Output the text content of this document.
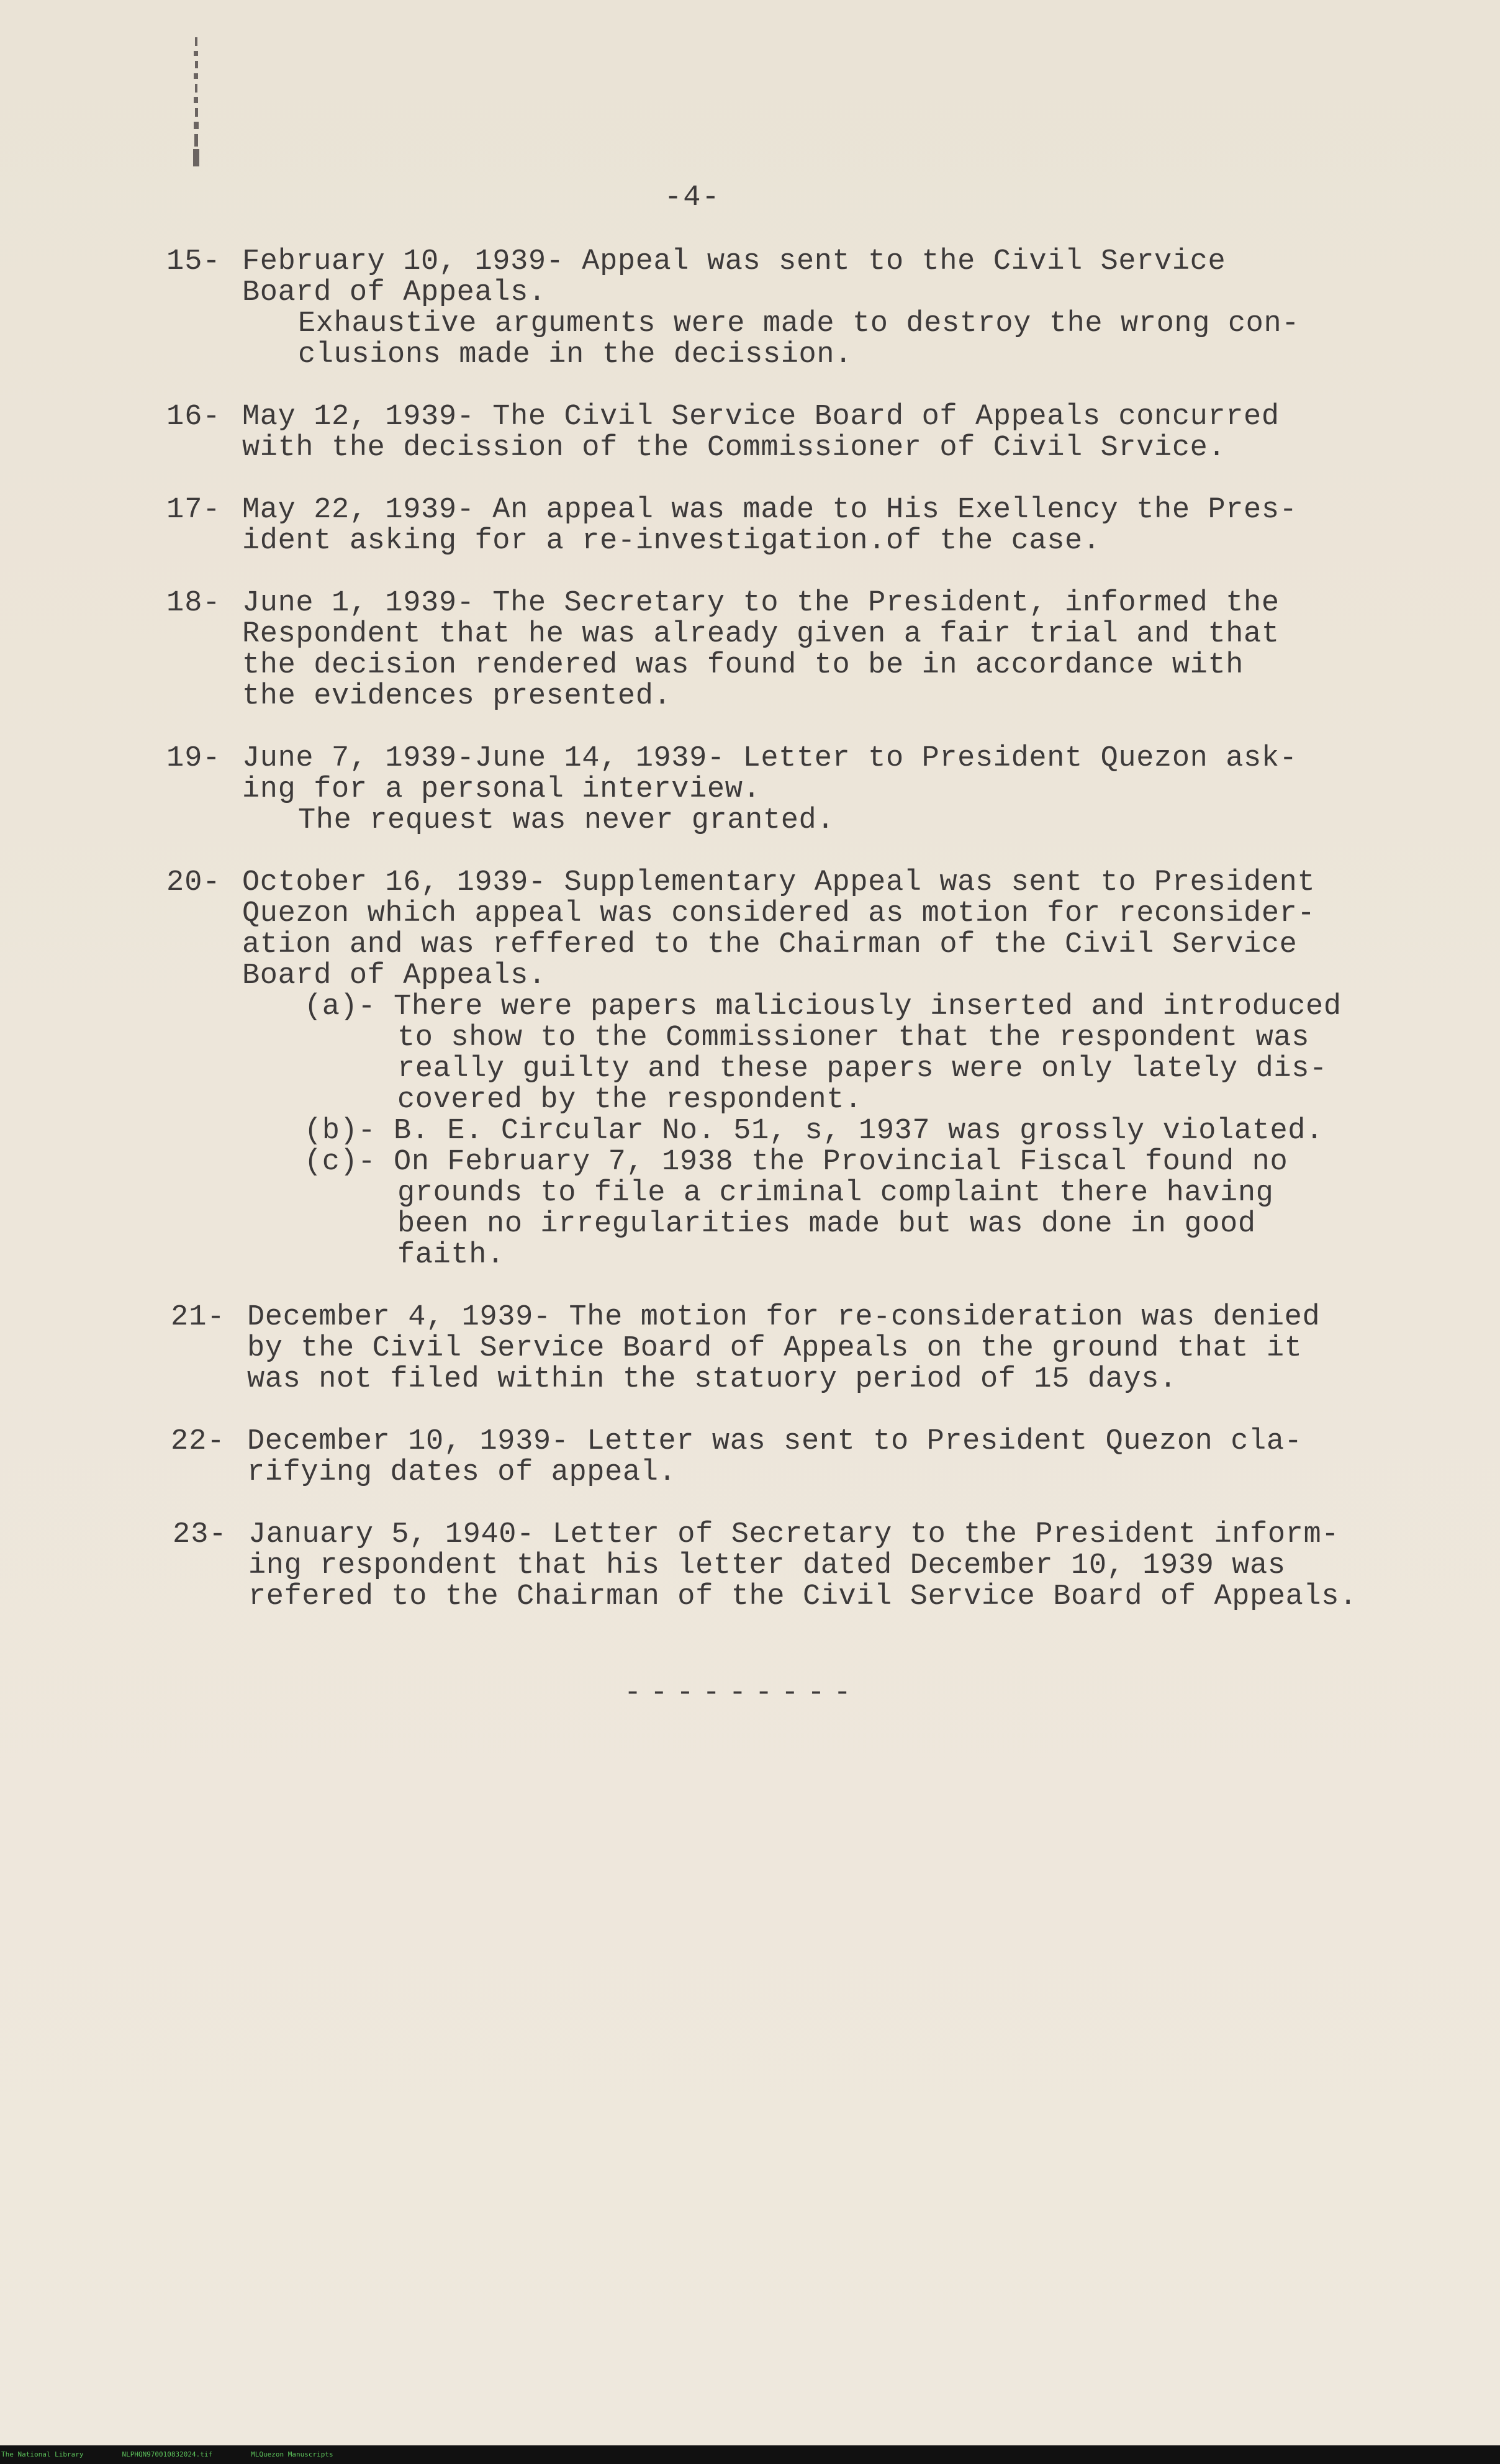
-4-
15- February 10, 1939- Appeal was sent to the Civil Service
Board of Appeals.
Exhaustive arguments were made to destroy the wrong con-
clusions made in the decission.
16- May 12, 1939- The Civil Service Board of Appeals concurred
with the decission of the Commissioner of Civil Srvice.
17- May 22, 1939- An appeal was made to His Exellency the Pres-
ident asking for a re-investigation.of the case.
18- June 1, 1939- The Secretary to the President, informed the
Respondent that he was already given a fair trial and that
the decision rendered was found to be in accordance with
the evidences presented.
19- June 7, 1939-June 14, 1939- Letter to President Quezon ask-
ing for a personal interview.
The request was never granted.
20- October 16, 1939- Supplementary Appeal was sent to President
Quezon which appeal was considered as motion for reconsider-
ation and was reffered to the Chairman of the Civil Service
Board of Appeals.
(a)- There were papers maliciously inserted and introduced
to show to the Commissioner that the respondent was
really guilty and these papers were only lately dis-
covered by the respondent.
(b)- B. E. Circular No. 51, s, 1937 was grossly violated.
(c)- On February 7, 1938 the Provincial Fiscal found no
grounds to file a criminal complaint there having
been no irregularities made but was done in good
faith.
21- December 4, 1939- The motion for re-consideration was denied
by the Civil Service Board of Appeals on the ground that it
was not filed within the statuory period of 15 days.
22- December 10, 1939- Letter was sent to President Quezon cla-
rifying dates of appeal.
23- January 5, 1940- Letter of Secretary to the President inform-
ing respondent that his letter dated December 10, 1939 was
refered to the Chairman of the Civil Service Board of Appeals.
---------
The National Library	NLPHQN970010832024.tif	MLQuezon Manuscripts
